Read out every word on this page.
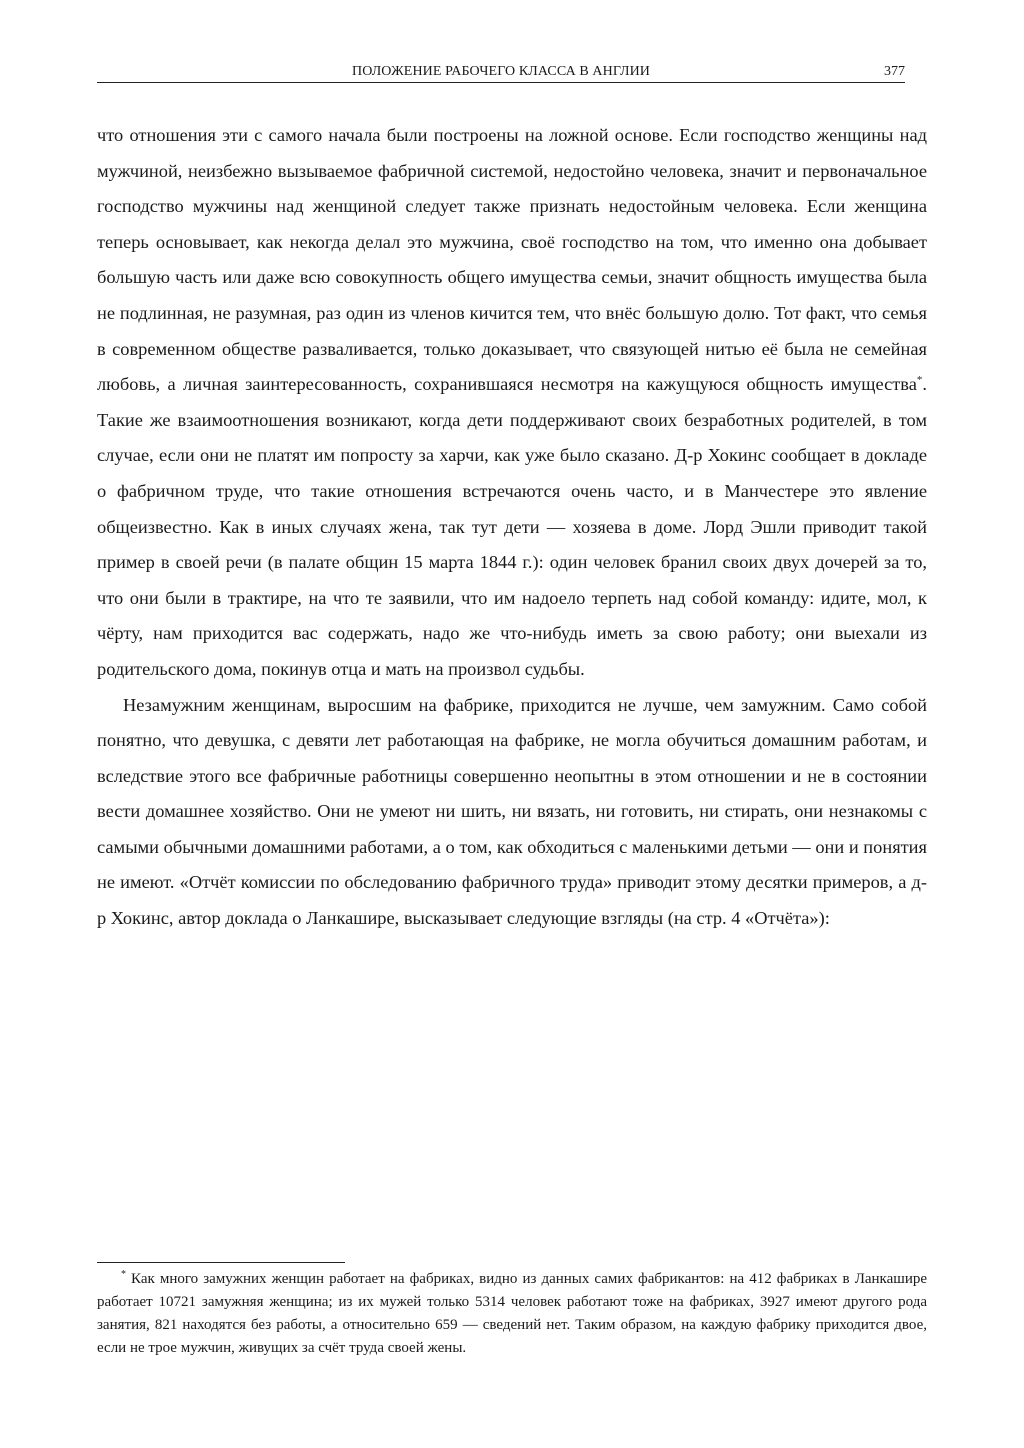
ПОЛОЖЕНИЕ РАБОЧЕГО КЛАССА В АНГЛИИ	377

что отношения эти с самого начала были построены на ложной основе. Если господство женщины над мужчиной, неизбежно вызываемое фабричной системой, недостойно человека, значит и первоначальное господство мужчины над женщиной следует также признать недостойным человека. Если женщина теперь основывает, как некогда делал это мужчина, своё господство на том, что именно она добывает большую часть или даже всю совокупность общего имущества семьи, значит общность имущества была не подлинная, не разумная, раз один из членов кичится тем, что внёс большую долю. Тот факт, что семья в современном обществе разваливается, только доказывает, что связующей нитью её была не семейная любовь, а личная заинтересованность, сохранившаяся несмотря на кажущуюся общность имущества*. Такие же взаимоотношения возникают, когда дети поддерживают своих безработных родителей, в том случае, если они не платят им попросту за харчи, как уже было сказано. Д-р Хокинс сообщает в докладе о фабричном труде, что такие отношения встречаются очень часто, и в Манчестере это явление общеизвестно. Как в иных случаях жена, так тут дети — хозяева в доме. Лорд Эшли приводит такой пример в своей речи (в палате общин 15 марта 1844 г.): один человек бранил своих двух дочерей за то, что они были в трактире, на что те заявили, что им надоело терпеть над собой команду: идите, мол, к чёрту, нам приходится вас содержать, надо же что-нибудь иметь за свою работу; они выехали из родительского дома, покинув отца и мать на произвол судьбы.

Незамужним женщинам, выросшим на фабрике, приходится не лучше, чем замужним. Само собой понятно, что девушка, с девяти лет работающая на фабрике, не могла обучиться домашним работам, и вследствие этого все фабричные работницы совершенно неопытны в этом отношении и не в состоянии вести домашнее хозяйство. Они не умеют ни шить, ни вязать, ни готовить, ни стирать, они незнакомы с самыми обычными домашними работами, а о том, как обходиться с маленькими детьми — они и понятия не имеют. «Отчёт комиссии по обследованию фабричного труда» приводит этому десятки примеров, а д-р Хокинс, автор доклада о Ланкашире, высказывает следующие взгляды (на стр. 4 «Отчёта»):

* Как много замужних женщин работает на фабриках, видно из данных самих фабрикантов: на 412 фабриках в Ланкашире работает 10721 замужняя женщина; из их мужей только 5314 человек работают тоже на фабриках, 3927 имеют другого рода занятия, 821 находятся без работы, а относительно 659 — сведений нет. Таким образом, на каждую фабрику приходится двое, если не трое мужчин, живущих за счёт труда своей жены.
